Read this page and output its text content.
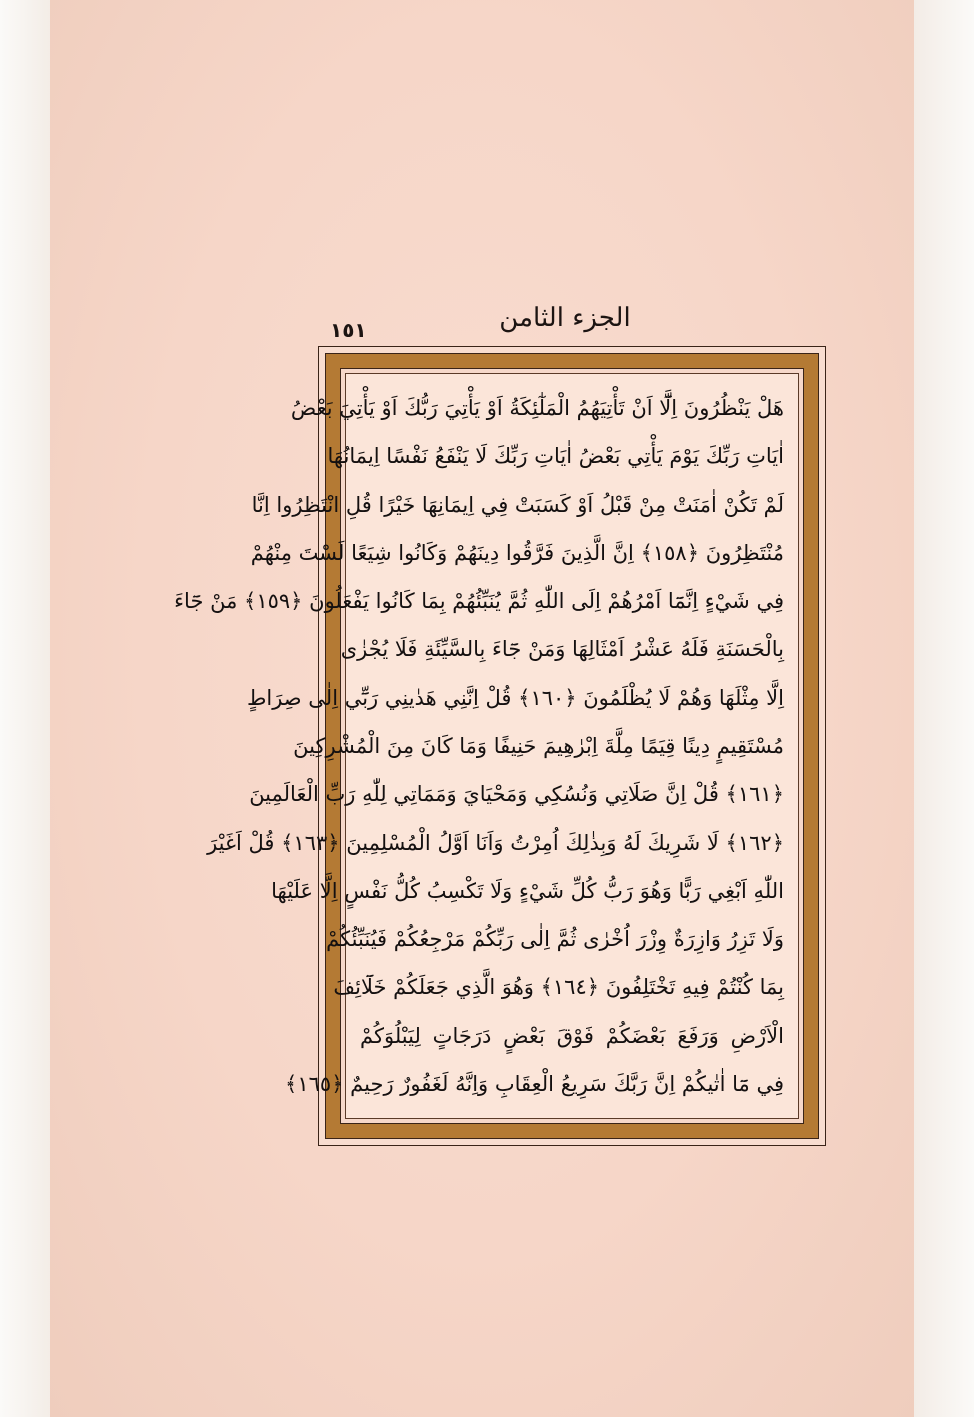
الجزء الثامن
١٥١
هَلْ يَنْظُرُونَ اِلَّٓا اَنْ تَأْتِيَهُمُ الْمَلٰٓئِكَةُ اَوْ يَأْتِيَ رَبُّكَ اَوْ يَأْتِيَ بَعْضُ
اٰيَاتِ رَبِّكَ يَوْمَ يَأْتِي بَعْضُ اٰيَاتِ رَبِّكَ لَا يَنْفَعُ نَفْسًا اِيمَانُهَا
لَمْ تَكُنْ اٰمَنَتْ مِنْ قَبْلُ اَوْ كَسَبَتْ فِي اِيمَانِهَا خَيْرًا قُلِ انْتَظِرُوا اِنَّا
مُنْتَظِرُونَ ﴿١٥٨﴾ اِنَّ الَّذِينَ فَرَّقُوا دِينَهُمْ وَكَانُوا شِيَعًا لَسْتَ مِنْهُمْ
فِي شَيْءٍ اِنَّمَٓا اَمْرُهُمْ اِلَى اللّٰهِ ثُمَّ يُنَبِّئُهُمْ بِمَا كَانُوا يَفْعَلُونَ ﴿١٥٩﴾ مَنْ جَٓاءَ
بِالْحَسَنَةِ فَلَهُ عَشْرُ اَمْثَالِهَا وَمَنْ جَٓاءَ بِالسَّيِّئَةِ فَلَا يُجْزٰى
اِلَّا مِثْلَهَا وَهُمْ لَا يُظْلَمُونَ ﴿١٦٠﴾ قُلْ اِنَّنِي هَدٰينِي رَبِّٓي اِلٰى صِرَاطٍ
مُسْتَقِيمٍ دِينًا قِيَمًا مِلَّةَ اِبْرٰهِيمَ حَنِيفًا وَمَا كَانَ مِنَ الْمُشْرِكِينَ
﴿١٦١﴾ قُلْ اِنَّ صَلَاتِي وَنُسُكِي وَمَحْيَايَ وَمَمَاتِي لِلّٰهِ رَبِّ الْعَالَمِينَ
﴿١٦٢﴾ لَا شَرِيكَ لَهُ وَبِذٰلِكَ اُمِرْتُ وَاَنَا اَوَّلُ الْمُسْلِمِينَ ﴿١٦٣﴾ قُلْ اَغَيْرَ
اللّٰهِ اَبْغِي رَبًّا وَهُوَ رَبُّ كُلِّ شَيْءٍ وَلَا تَكْسِبُ كُلُّ نَفْسٍ اِلَّا عَلَيْهَا
وَلَا تَزِرُ وَازِرَةٌ وِزْرَ اُخْرٰى ثُمَّ اِلٰى رَبِّكُمْ مَرْجِعُكُمْ فَيُنَبِّئُكُمْ
بِمَا كُنْتُمْ فِيهِ تَخْتَلِفُونَ ﴿١٦٤﴾ وَهُوَ الَّذِي جَعَلَكُمْ خَلَٓائِفَ
الْاَرْضِ وَرَفَعَ بَعْضَكُمْ فَوْقَ بَعْضٍ دَرَجَاتٍ لِيَبْلُوَكُمْ
فِي مَٓا اٰتٰيكُمْ اِنَّ رَبَّكَ سَرِيعُ الْعِقَابِ وَاِنَّهُ لَغَفُورٌ رَحِيمٌ ﴿١٦٥﴾
